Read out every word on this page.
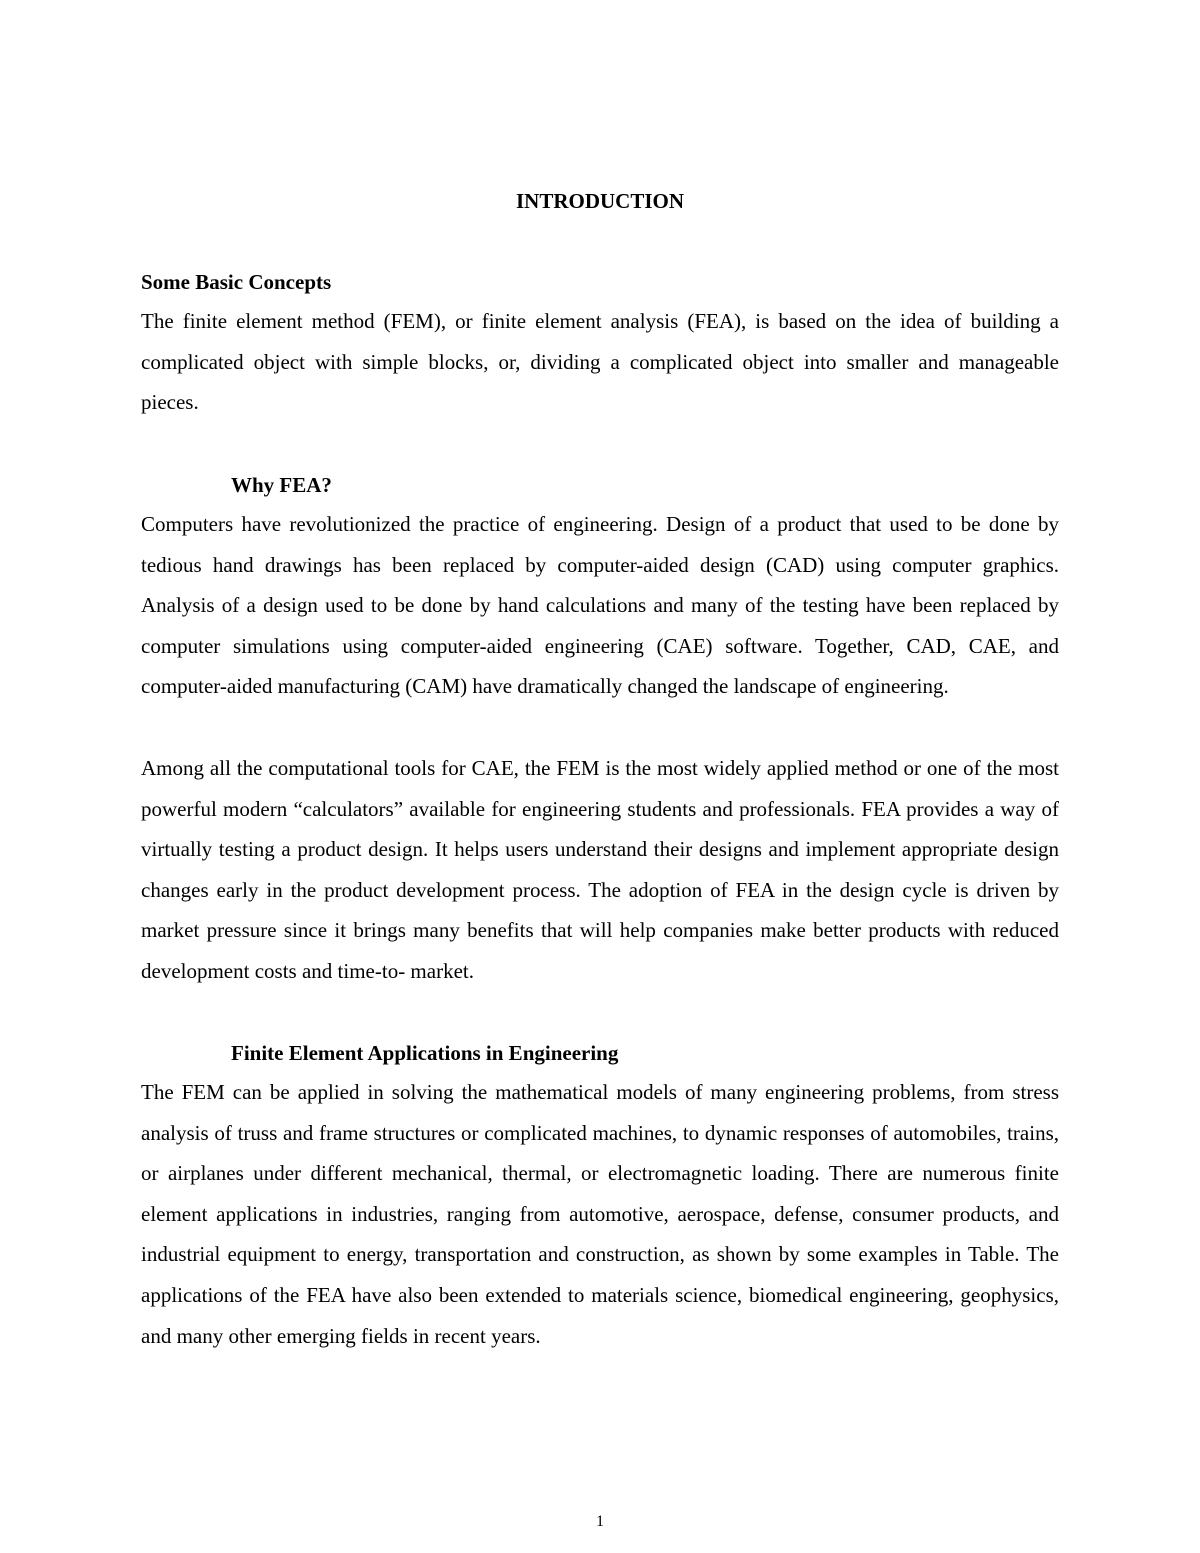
INTRODUCTION
Some Basic Concepts

The finite element method (FEM), or finite element analysis (FEA), is based on the idea of building a complicated object with simple blocks, or, dividing a complicated object into smaller and manageable pieces.

Why FEA?

Computers have revolutionized the practice of engineering. Design of a product that used to be done by tedious hand drawings has been replaced by computer-aided design (CAD) using computer graphics. Analysis of a design used to be done by hand calculations and many of the testing have been replaced by computer simulations using computer-aided engineering (CAE) software. Together, CAD, CAE, and computer-aided manufacturing (CAM) have dramatically changed the landscape of engineering.

Among all the computational tools for CAE, the FEM is the most widely applied method or one of the most powerful modern “calculators” available for engineering students and professionals. FEA provides a way of virtually testing a product design. It helps users understand their designs and implement appropriate design changes early in the product development process. The adoption of FEA in the design cycle is driven by market pressure since it brings many benefits that will help companies make better products with reduced development costs and time-to- market.

Finite Element Applications in Engineering

The FEM can be applied in solving the mathematical models of many engineering problems, from stress analysis of truss and frame structures or complicated machines, to dynamic responses of automobiles, trains, or airplanes under different mechanical, thermal, or electromagnetic loading. There are numerous finite element applications in industries, ranging from automotive, aerospace, defense, consumer products, and industrial equipment to energy, transportation and construction, as shown by some examples in Table. The applications of the FEA have also been extended to materials science, biomedical engineering, geophysics, and many other emerging fields in recent years.

1
